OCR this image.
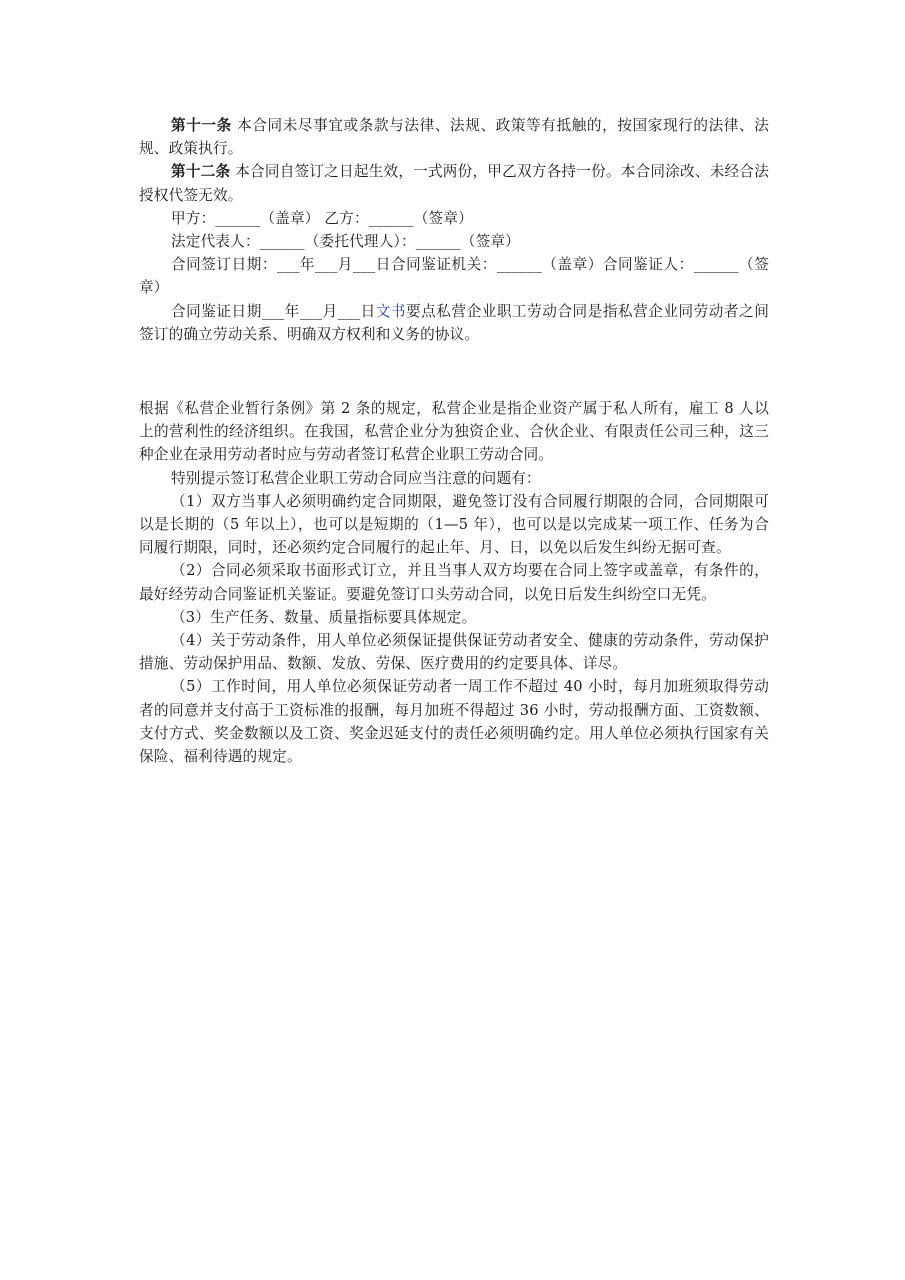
第十一条 本合同未尽事宜或条款与法律、法规、政策等有抵触的，按国家现行的法律、法规、政策执行。

第十二条 本合同自签订之日起生效，一式两份，甲乙双方各持一份。本合同涂改、未经合法授权代签无效。

甲方：______（盖章） 乙方：______（签章）

法定代表人：______（委托代理人）：______（签章）

合同签订日期：___年___月___日合同鉴证机关：______（盖章）合同鉴证人：______（签章）

合同鉴证日期___年___月___日文书要点私营企业职工劳动合同是指私营企业同劳动者之间签订的确立劳动关系、明确双方权利和义务的协议。

根据《私营企业暂行条例》第 2 条的规定，私营企业是指企业资产属于私人所有，雇工 8 人以上的营利性的经济组织。在我国，私营企业分为独资企业、合伙企业、有限责任公司三种，这三种企业在录用劳动者时应与劳动者签订私营企业职工劳动合同。

特别提示签订私营企业职工劳动合同应当注意的问题有：

（1）双方当事人必须明确约定合同期限，避免签订没有合同履行期限的合同，合同期限可以是长期的（5 年以上），也可以是短期的（1—5 年），也可以是以完成某一项工作、任务为合同履行期限，同时，还必须约定合同履行的起止年、月、日，以免以后发生纠纷无据可查。

（2）合同必须采取书面形式订立，并且当事人双方均要在合同上签字或盖章，有条件的，最好经劳动合同鉴证机关鉴证。要避免签订口头劳动合同，以免日后发生纠纷空口无凭。

（3）生产任务、数量、质量指标要具体规定。

（4）关于劳动条件，用人单位必须保证提供保证劳动者安全、健康的劳动条件，劳动保护措施、劳动保护用品、数额、发放、劳保、医疗费用的约定要具体、详尽。

（5）工作时间，用人单位必须保证劳动者一周工作不超过 40 小时，每月加班须取得劳动者的同意并支付高于工资标准的报酬，每月加班不得超过 36 小时，劳动报酬方面、工资数额、支付方式、奖金数额以及工资、奖金迟延支付的责任必须明确约定。用人单位必须执行国家有关保险、福利待遇的规定。
